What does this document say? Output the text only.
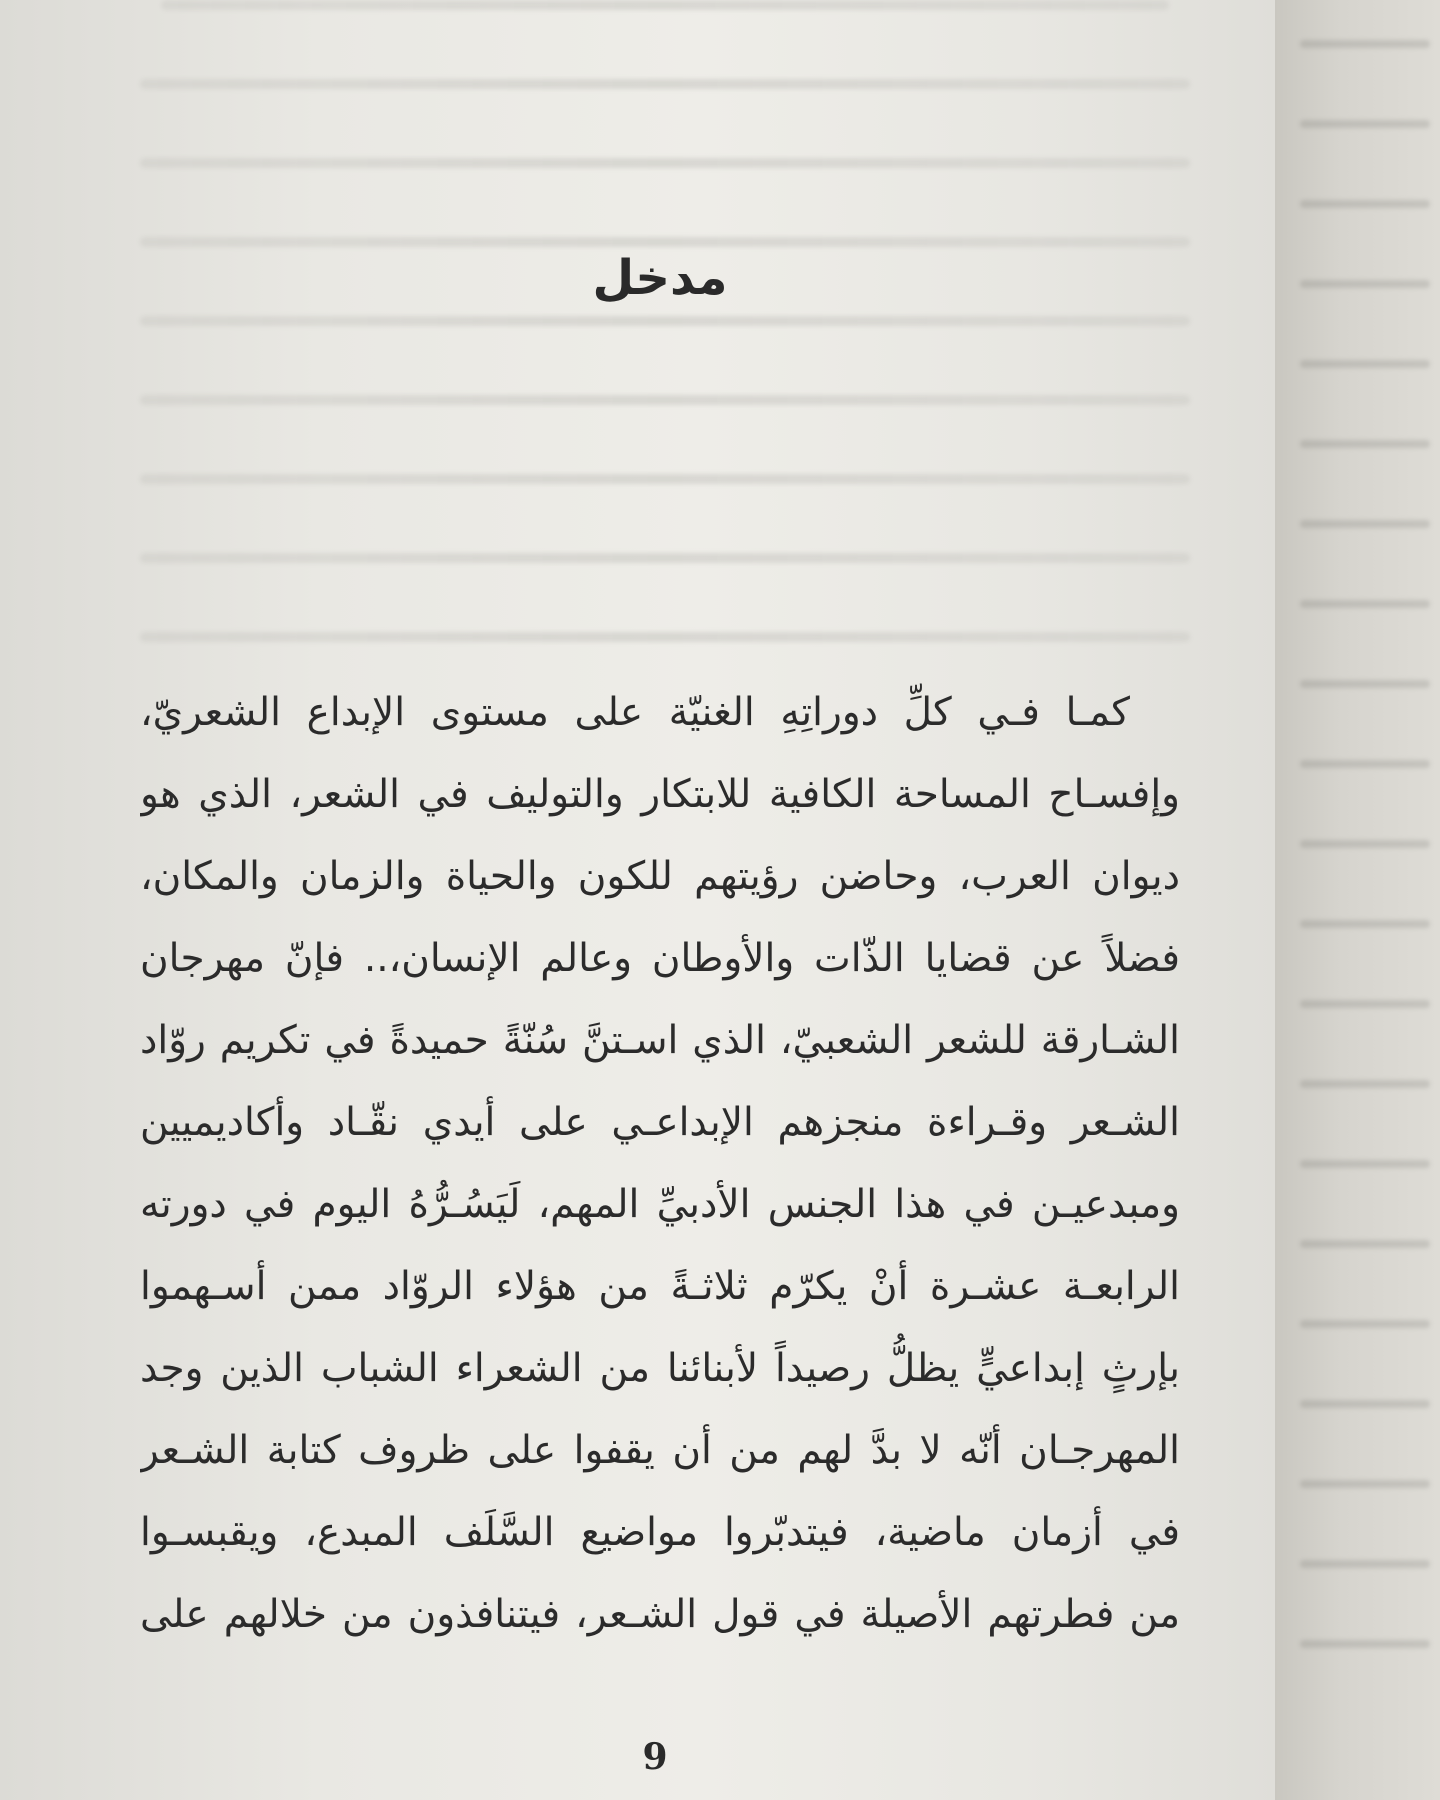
مدخل
كمـا فـي كلِّ دوراتِهِ الغنيّة على مستوى الإبداع الشعريّ،
وإفسـاح المساحة الكافية للابتكار والتوليف في الشعر، الذي هو
ديوان العرب، وحاضن رؤيتهم للكون والحياة والزمان والمكان،
فضلاً عن قضايا الذّات والأوطان وعالم الإنسان،.. فإنّ مهرجان
الشـارقة للشعر الشعبيّ، الذي اسـتنَّ سُنّةً حميدةً في تكريم روّاد
الشـعر وقـراءة منجزهم الإبداعـي على أيدي نقّـاد وأكاديميين
ومبدعيـن في هذا الجنس الأدبيِّ المهم، لَيَسُـرُّهُ اليوم في دورته
الرابعـة عشـرة أنْ يكرّم ثلاثـةً من هؤلاء الروّاد ممن أسـهموا
بإرثٍ إبداعيٍّ يظلُّ رصيداً لأبنائنا من الشعراء الشباب الذين وجد
المهرجـان أنّه لا بدَّ لهم من أن يقفوا على ظروف كتابة الشـعر
في أزمان ماضية، فيتدبّروا مواضيع السَّلَف المبدع، ويقبسـوا
من فطرتهم الأصيلة في قول الشـعر، فيتنافذون من خلالهم على
9
